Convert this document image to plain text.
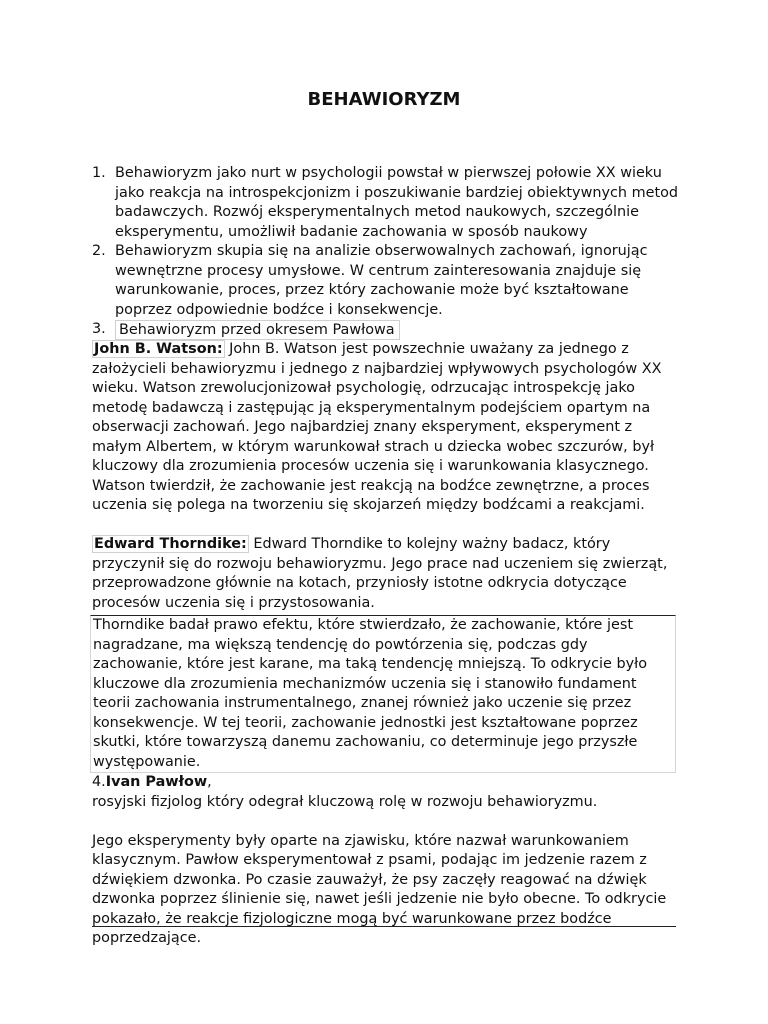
BEHAWIORYZM
1. Behawioryzm jako nurt w psychologii powstał w pierwszej połowie XX wieku jako reakcja na introspekcjonizm i poszukiwanie bardziej obiektywnych metod badawczych. Rozwój eksperymentalnych metod naukowych, szczególnie eksperymentu, umożliwił badanie zachowania w sposób naukowy
2. Behawioryzm skupia się na analizie obserwowalnych zachowań, ignorując wewnętrzne procesy umysłowe. W centrum zainteresowania znajduje się warunkowanie, proces, przez który zachowanie może być kształtowane poprzez odpowiednie bodźce i konsekwencje.
3. Behawioryzm przed okresem Pawłowa
John B. Watson: John B. Watson jest powszechnie uważany za jednego z założycieli behawioryzmu i jednego z najbardziej wpływowych psychologów XX wieku. Watson zrewolucjonizował psychologię, odrzucając introspekcję jako metodę badawczą i zastępując ją eksperymentalnym podejściem opartym na obserwacji zachowań. Jego najbardziej znany eksperyment, eksperyment z małym Albertem, w którym warunkował strach u dziecka wobec szczurów, był kluczowy dla zrozumienia procesów uczenia się i warunkowania klasycznego. Watson twierdził, że zachowanie jest reakcją na bodźce zewnętrzne, a proces uczenia się polega na tworzeniu się skojarzeń między bodźcami a reakcjami.
Edward Thorndike: Edward Thorndike to kolejny ważny badacz, który przyczynił się do rozwoju behawioryzmu. Jego prace nad uczeniem się zwierząt, przeprowadzone głównie na kotach, przyniosły istotne odkrycia dotyczące procesów uczenia się i przystosowania.
Thorndike badał prawo efektu, które stwierdzało, że zachowanie, które jest nagradzane, ma większą tendencję do powtórzenia się, podczas gdy zachowanie, które jest karane, ma taką tendencję mniejszą. To odkrycie było kluczowe dla zrozumienia mechanizmów uczenia się i stanowiło fundament teorii zachowania instrumentalnego, znanej również jako uczenie się przez konsekwencje. W tej teorii, zachowanie jednostki jest kształtowane poprzez skutki, które towarzyszą danemu zachowaniu, co determinuje jego przyszłe występowanie.
4.Ivan Pawłow,
rosyjski fizjolog który odegrał kluczową rolę w rozwoju behawioryzmu.
Jego eksperymenty były oparte na zjawisku, które nazwał warunkowaniem klasycznym. Pawłow eksperymentował z psami, podając im jedzenie razem z dźwiękiem dzwonka. Po czasie zauważył, że psy zaczęły reagować na dźwięk dzwonka poprzez ślinienie się, nawet jeśli jedzenie nie było obecne. To odkrycie pokazało, że reakcje fizjologiczne mogą być warunkowane przez bodźce poprzedzające.
